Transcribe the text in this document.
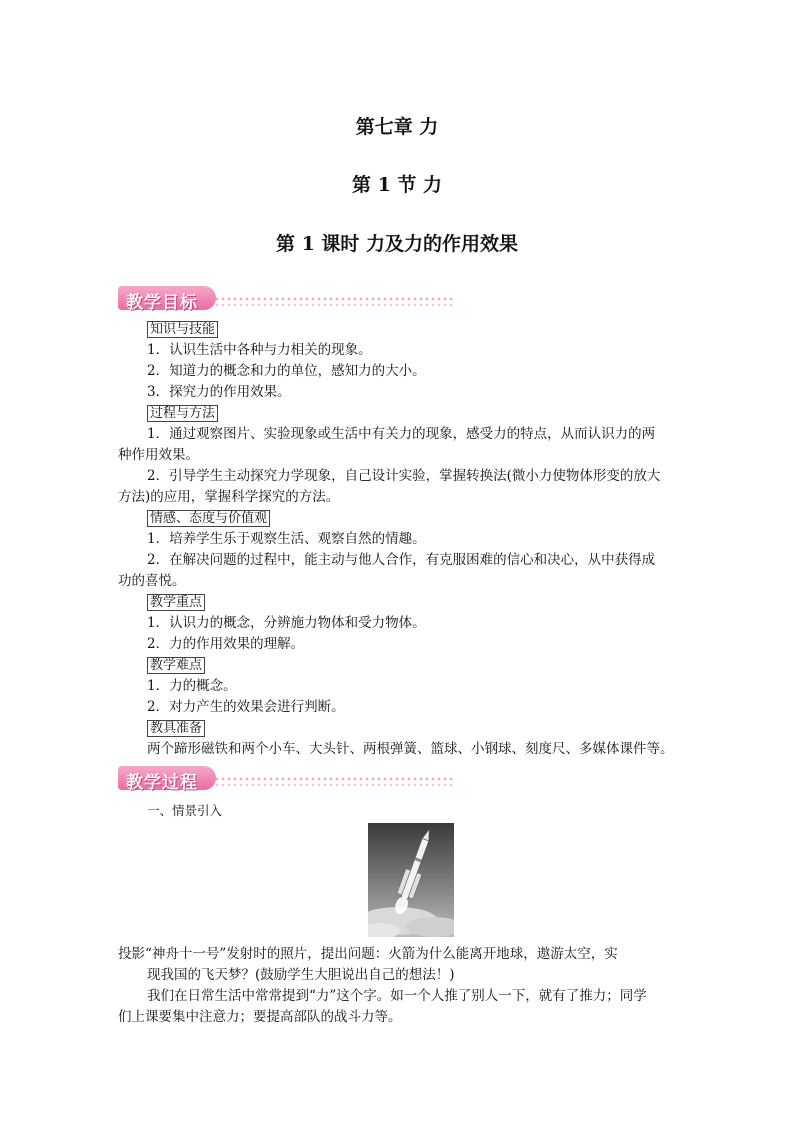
第七章 力
第 1 节 力
第 1 课时 力及力的作用效果
教学目标
知识与技能
1．认识生活中各种与力相关的现象。
2．知道力的概念和力的单位，感知力的大小。
3．探究力的作用效果。
过程与方法
1．通过观察图片、实验现象或生活中有关力的现象，感受力的特点，从而认识力的两
种作用效果。
2．引导学生主动探究力学现象，自己设计实验，掌握转换法(微小力使物体形变的放大
方法)的应用，掌握科学探究的方法。
情感、态度与价值观
1．培养学生乐于观察生活、观察自然的情趣。
2．在解决问题的过程中，能主动与他人合作，有克服困难的信心和决心，从中获得成
功的喜悦。
教学重点
1．认识力的概念，分辨施力物体和受力物体。
2．力的作用效果的理解。
教学难点
1．力的概念。
2．对力产生的效果会进行判断。
教具准备
两个蹄形磁铁和两个小车、大头针、两根弹簧、篮球、小钢球、刻度尺、多媒体课件等。
教学过程
一、情景引入
投影“神舟十一号”发射时的照片，提出问题：火箭为什么能离开地球，遨游太空，实
现我国的飞天梦？(鼓励学生大胆说出自己的想法！)
我们在日常生活中常常提到“力”这个字。如一个人推了别人一下，就有了推力；同学
们上课要集中注意力；要提高部队的战斗力等。
